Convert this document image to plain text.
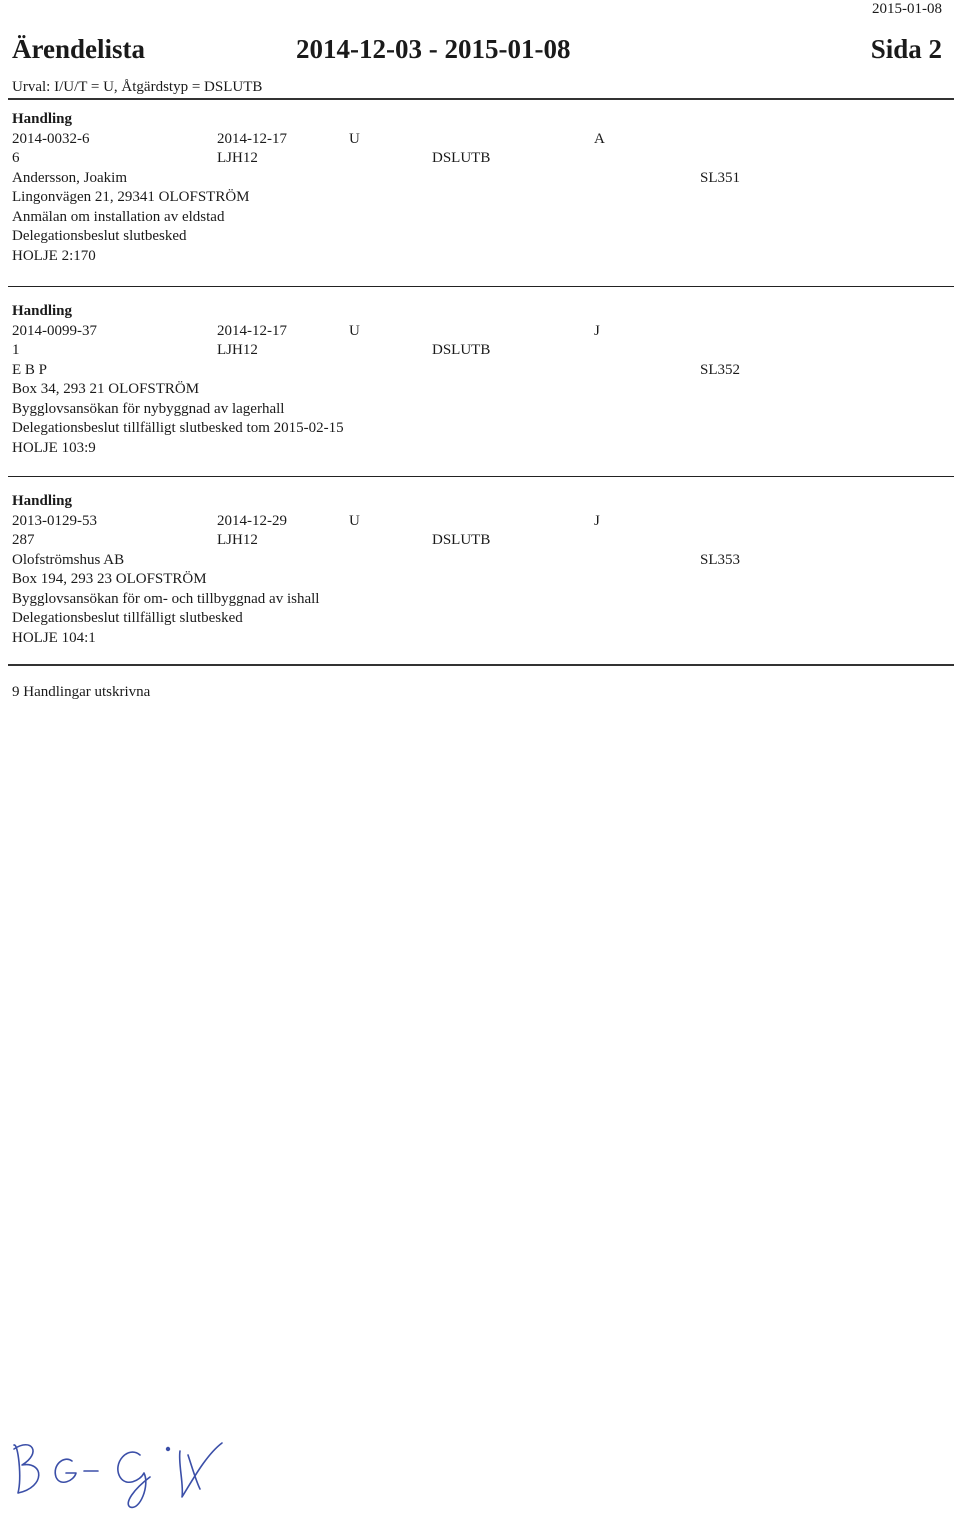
2015-01-08
Ärendelista	2014-12-03 - 2015-01-08	Sida 2
Urval: I/U/T = U, Åtgärdstyp = DSLUTB
Handling
2014-0032-6	2014-12-17	U	A
6	LJH12	DSLUTB
Andersson, Joakim	SL351
Lingonvägen 21, 29341 OLOFSTRÖM
Anmälan om installation av eldstad
Delegationsbeslut slutbesked
HOLJE 2:170
Handling
2014-0099-37	2014-12-17	U	J
1	LJH12	DSLUTB
E B P	SL352
Box 34, 293 21 OLOFSTRÖM
Bygglovsansökan för nybyggnad av lagerhall
Delegationsbeslut tillfälligt slutbesked tom 2015-02-15
HOLJE 103:9
Handling
2013-0129-53	2014-12-29	U	J
287	LJH12	DSLUTB
Olofströmshus AB	SL353
Box 194, 293 23 OLOFSTRÖM
Bygglovsansökan för om- och tillbyggnad av ishall
Delegationsbeslut tillfälligt slutbesked
HOLJE 104:1
9 Handlingar utskrivna
